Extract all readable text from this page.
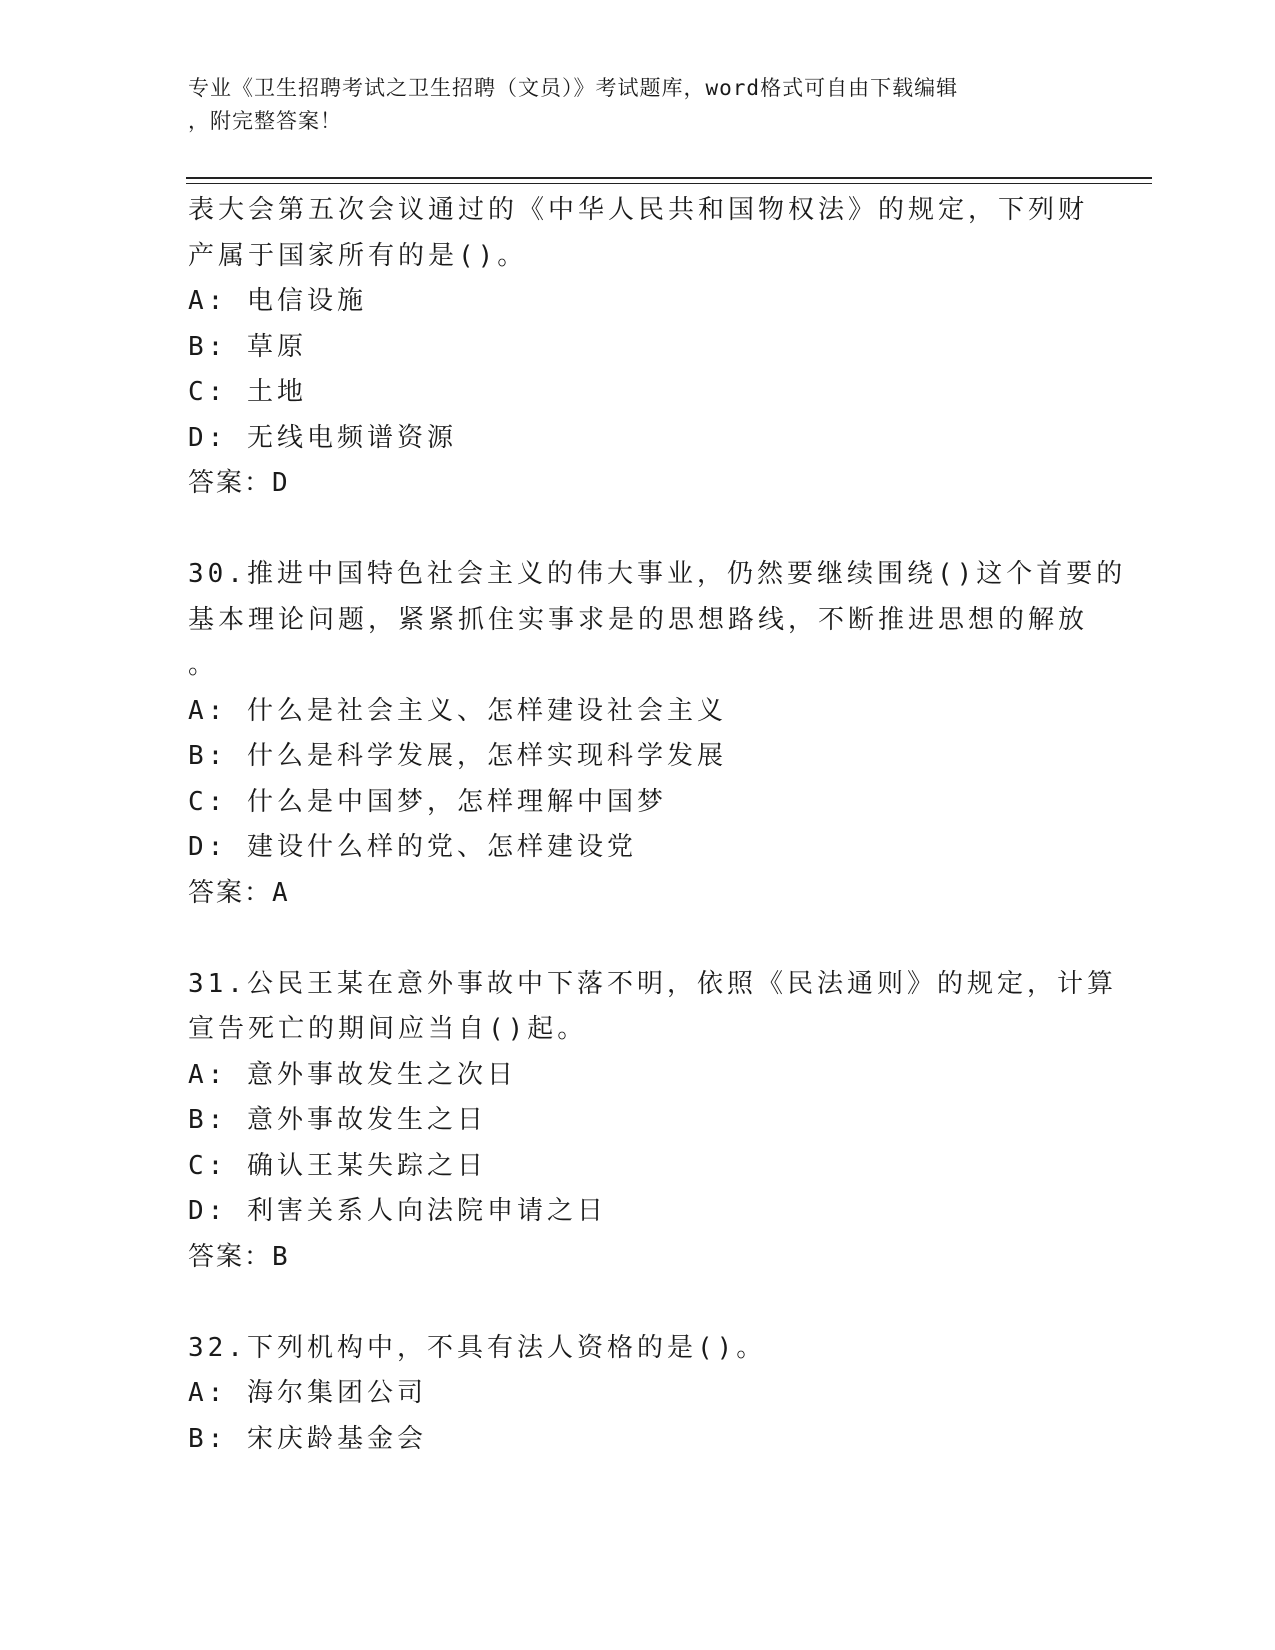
专业《卫生招聘考试之卫生招聘（文员）》考试题库，word格式可自由下载编辑
，附完整答案！
表大会第五次会议通过的《中华人民共和国物权法》的规定，下列财
产属于国家所有的是()。
A: 电信设施
B: 草原
C: 土地
D: 无线电频谱资源
答案：D
30.推进中国特色社会主义的伟大事业，仍然要继续围绕()这个首要的
基本理论问题，紧紧抓住实事求是的思想路线，不断推进思想的解放
。
A: 什么是社会主义、怎样建设社会主义
B: 什么是科学发展，怎样实现科学发展
C: 什么是中国梦，怎样理解中国梦
D: 建设什么样的党、怎样建设党
答案：A
31.公民王某在意外事故中下落不明，依照《民法通则》的规定，计算
宣告死亡的期间应当自()起。
A: 意外事故发生之次日
B: 意外事故发生之日
C: 确认王某失踪之日
D: 利害关系人向法院申请之日
答案：B
32.下列机构中，不具有法人资格的是()。
A: 海尔集团公司
B: 宋庆龄基金会
